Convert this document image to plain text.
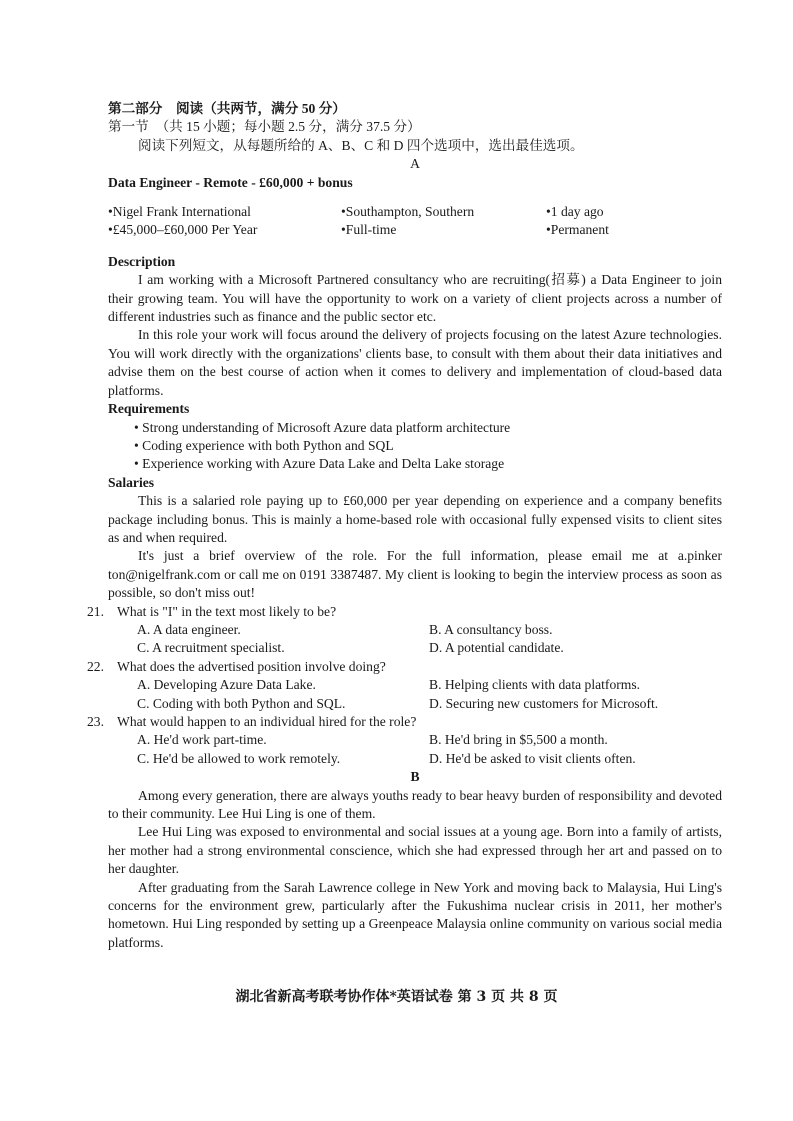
第二部分　阅读（共两节，满分 50 分）
第一节　（共 15 小题；每小题 2.5 分，满分 37.5 分）
阅读下列短文，从每题所给的 A、B、C 和 D 四个选项中，选出最佳选项。
A
Data Engineer - Remote - £60,000 + bonus
•Nigel Frank International	•Southampton, Southern	•1 day ago
•£45,000–£60,000 Per Year	•Full-time	•Permanent
Description
I am working with a Microsoft Partnered consultancy who are recruiting(招募) a Data Engineer to join their growing team. You will have the opportunity to work on a variety of client projects across a number of different industries such as finance and the public sector etc.
In this role your work will focus around the delivery of projects focusing on the latest Azure technologies. You will work directly with the organizations' clients base, to consult with them about their data initiatives and advise them on the best course of action when it comes to delivery and implementation of cloud-based data platforms.
Requirements
• Strong understanding of Microsoft Azure data platform architecture
• Coding experience with both Python and SQL
• Experience working with Azure Data Lake and Delta Lake storage
Salaries
This is a salaried role paying up to £60,000 per year depending on experience and a company benefits package including bonus. This is mainly a home-based role with occasional fully expensed visits to client sites as and when required.
It's just a brief overview of the role. For the full information, please email me at a.pinker ton@nigelfrank.com or call me on 0191 3387487. My client is looking to begin the interview process as soon as possible, so don't miss out!
21. What is "I" in the text most likely to be?
A. A data engineer.	B. A consultancy boss.
C. A recruitment specialist.	D. A potential candidate.
22. What does the advertised position involve doing?
A. Developing Azure Data Lake.	B. Helping clients with data platforms.
C. Coding with both Python and SQL.	D. Securing new customers for Microsoft.
23. What would happen to an individual hired for the role?
A. He'd work part-time.	B. He'd bring in $5,500 a month.
C. He'd be allowed to work remotely.	D. He'd be asked to visit clients often.
B
Among every generation, there are always youths ready to bear heavy burden of responsibility and devoted to their community. Lee Hui Ling is one of them.
Lee Hui Ling was exposed to environmental and social issues at a young age. Born into a family of artists, her mother had a strong environmental conscience, which she had expressed through her art and passed on to her daughter.
After graduating from the Sarah Lawrence college in New York and moving back to Malaysia, Hui Ling's concerns for the environment grew, particularly after the Fukushima nuclear crisis in 2011, her mother's hometown. Hui Ling responded by setting up a Greenpeace Malaysia online community on various social media platforms.
湖北省新高考联考协作体*英语试卷 第 3 页 共 8 页
